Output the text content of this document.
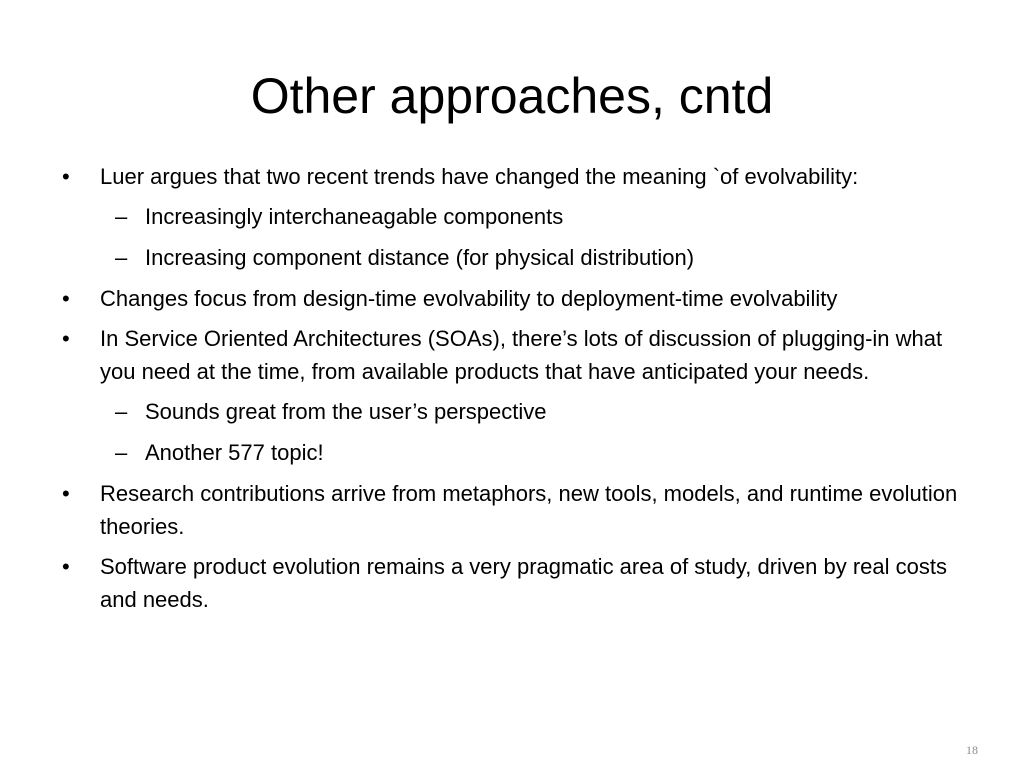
Other approaches, cntd
• Luer argues that two recent trends have changed the meaning `of evolvability:
– Increasingly interchaneagable components
– Increasing component distance (for physical distribution)
• Changes focus from design-time evolvability to deployment-time evolvability
• In Service Oriented Architectures (SOAs), there’s lots of discussion of plugging-in what you need at the time, from available products that have anticipated your needs.
– Sounds great from the user’s perspective
– Another 577 topic!
• Research contributions arrive from metaphors, new tools, models, and runtime evolution theories.
• Software product evolution remains a very pragmatic area of study, driven by real costs and needs.
18
